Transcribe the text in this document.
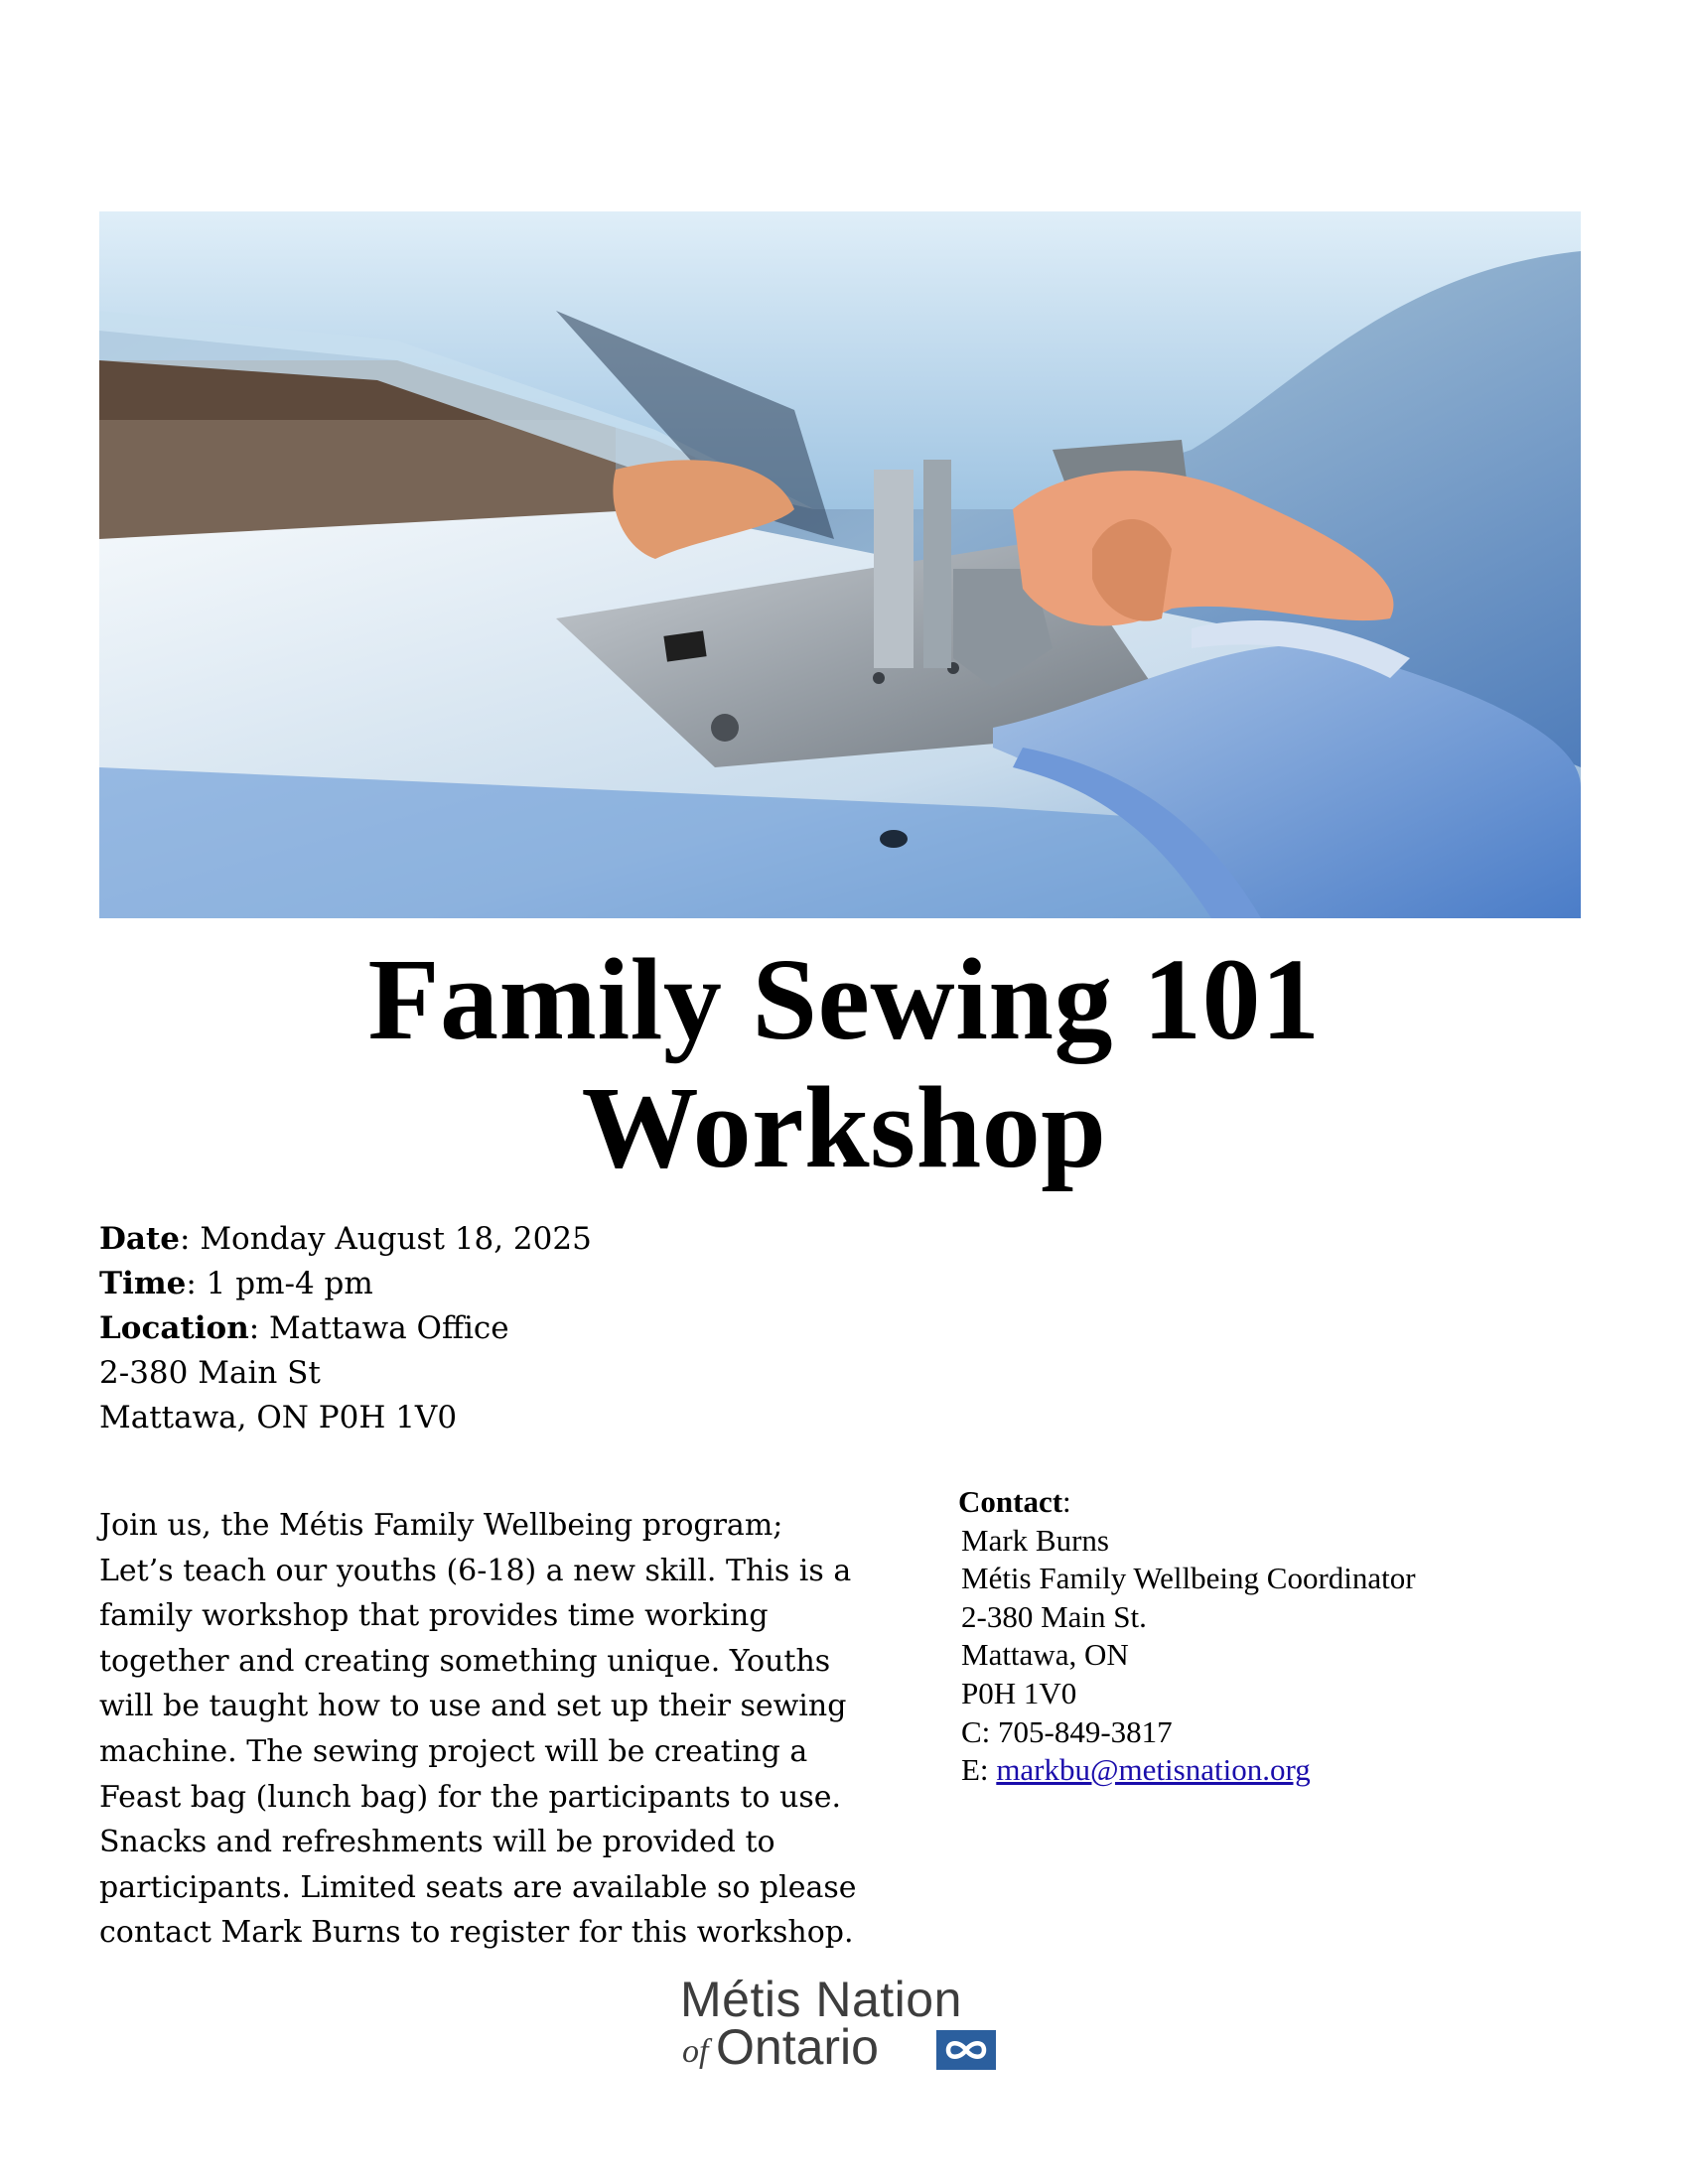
Family Sewing 101
Workshop
Date: Monday August 18, 2025
Time: 1 pm-4 pm
Location: Mattawa Office
2-380 Main St
Mattawa, ON P0H 1V0
Join us, the Métis Family Wellbeing program;
Let’s teach our youths (6-18) a new skill. This is a
family workshop that provides time working
together and creating something unique. Youths
will be taught how to use and set up their sewing
machine. The sewing project will be creating a
Feast bag (lunch bag) for the participants to use.
Snacks and refreshments will be provided to
participants. Limited seats are available so please
contact Mark Burns to register for this workshop.
Contact:
Mark Burns
Métis Family Wellbeing Coordinator
2-380 Main St.
Mattawa, ON
P0H 1V0
C: 705-849-3817
E: markbu@metisnation.org
Métis Nation
of Ontario
